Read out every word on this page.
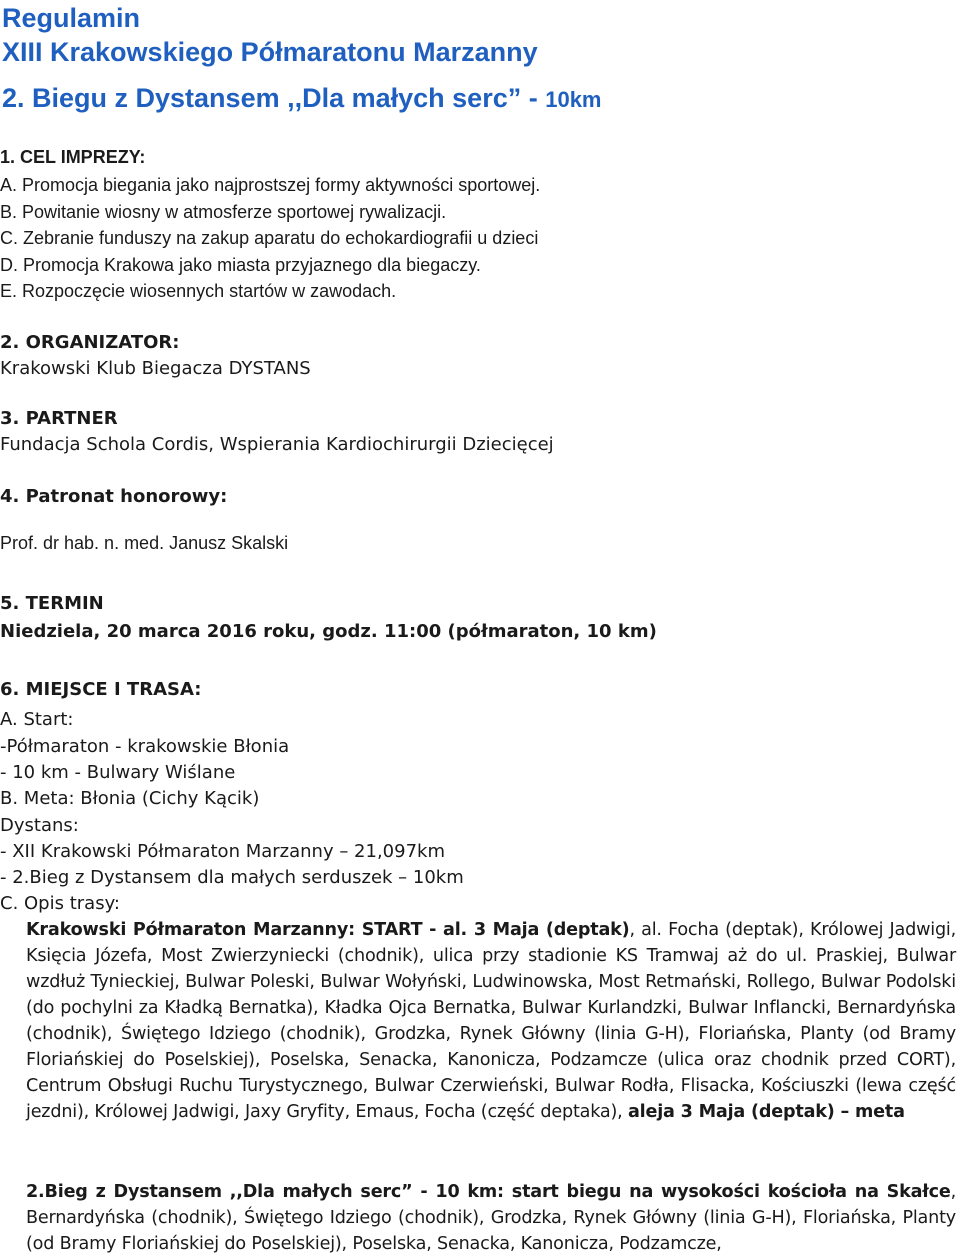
Regulamin
XIII Krakowskiego Półmaratonu Marzanny
2. Biegu z Dystansem ,,Dla małych serc” - 10km
1. CEL IMPREZY:
A. Promocja biegania jako najprostszej formy aktywności sportowej.
B. Powitanie wiosny w atmosferze sportowej rywalizacji.
C. Zebranie funduszy na zakup aparatu do echokardiografii u dzieci
D. Promocja Krakowa jako miasta przyjaznego dla biegaczy.
E. Rozpoczęcie wiosennych startów w zawodach.
2. ORGANIZATOR:
Krakowski Klub Biegacza DYSTANS
3. PARTNER
Fundacja Schola Cordis, Wspierania Kardiochirurgii Dziecięcej
4. Patronat honorowy:
Prof. dr hab. n. med. Janusz Skalski
5. TERMIN
Niedziela, 20 marca 2016 roku, godz. 11:00 (półmaraton, 10 km)
6. MIEJSCE I TRASA:
A. Start:
-Półmaraton - krakowskie Błonia
- 10 km - Bulwary Wiślane
B. Meta: Błonia (Cichy Kącik)
Dystans:
- XII Krakowski Półmaraton Marzanny – 21,097km
- 2.Bieg z Dystansem dla małych serduszek – 10km
C. Opis trasy:

Krakowski Półmaraton Marzanny: START - al. 3 Maja (deptak), al. Focha (deptak), Królowej Jadwigi, Księcia Józefa, Most Zwierzyniecki (chodnik), ulica przy stadionie KS Tramwaj aż do ul. Praskiej, Bulwar wzdłuż Tynieckiej, Bulwar Poleski, Bulwar Wołyński, Ludwinowska, Most Retmański, Rollego, Bulwar Podolski (do pochylni za Kładką Bernatka), Kładka Ojca Bernatka, Bulwar Kurlandzki, Bulwar Inflancki, Bernardyńska (chodnik), Świętego Idziego (chodnik), Grodzka, Rynek Główny (linia G-H), Floriańska, Planty (od Bramy Floriańskiej do Poselskiej), Poselska, Senacka, Kanonicza, Podzamcze (ulica oraz chodnik przed CORT), Centrum Obsługi Ruchu Turystycznego, Bulwar Czerwieński, Bulwar Rodła, Flisacka, Kościuszki (lewa część jezdni), Królowej Jadwigi, Jaxy Gryfity, Emaus, Focha (część deptaka), aleja 3 Maja (deptak) – meta

2.Bieg z Dystansem ,,Dla małych serc” - 10 km: start biegu na wysokości kościoła na Skałce, Bernardyńska (chodnik), Świętego Idziego (chodnik), Grodzka, Rynek Główny (linia G-H), Floriańska, Planty (od Bramy Floriańskiej do Poselskiej), Poselska, Senacka, Kanonicza, Podzamcze,
